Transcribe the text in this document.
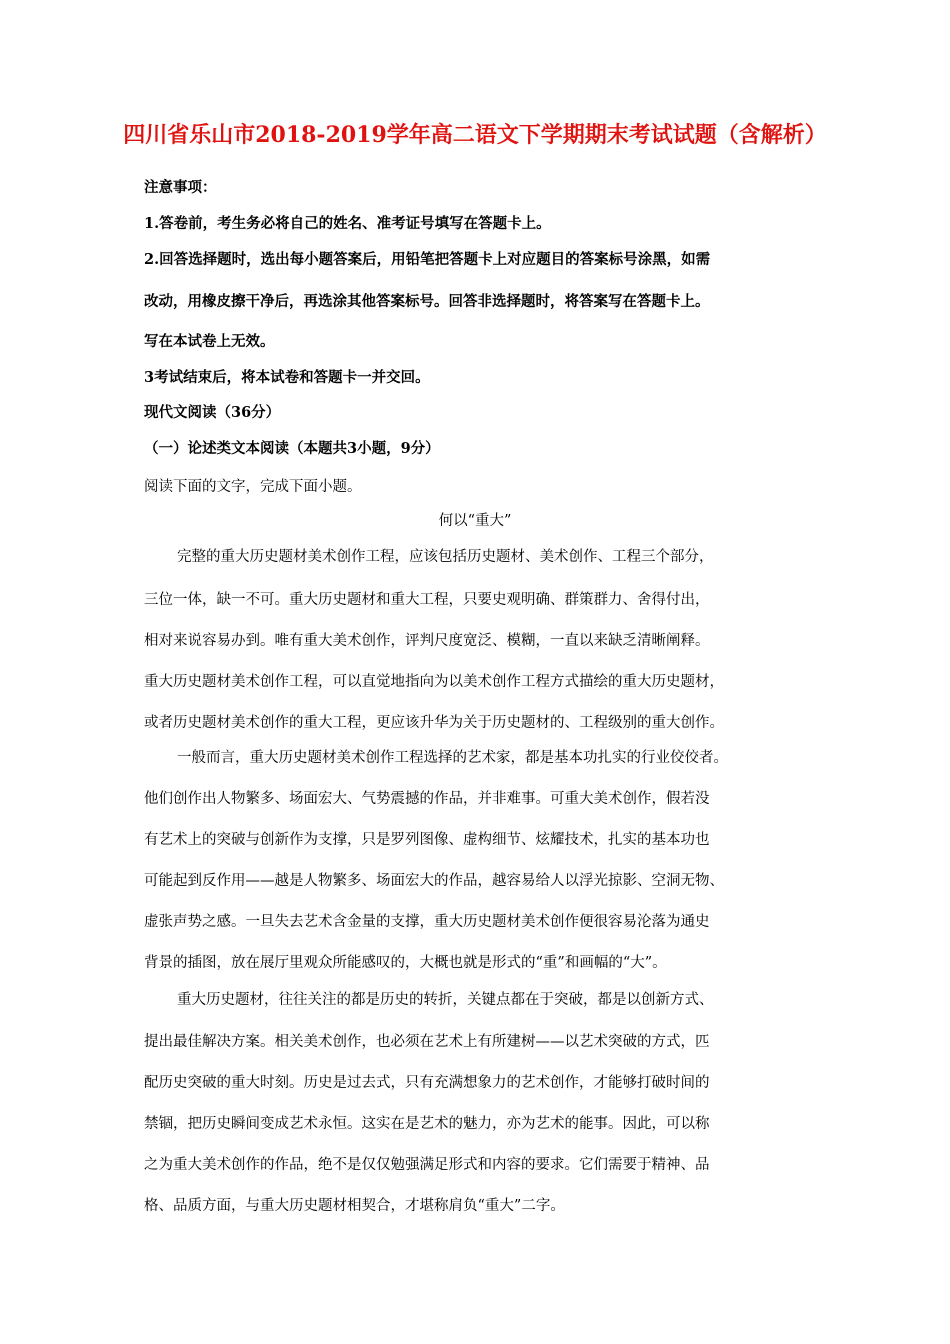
四川省乐山市2018-2019学年高二语文下学期期末考试试题（含解析）
注意事项：
1.答卷前，考生务必将自己的姓名、准考证号填写在答题卡上。
2.回答选择题时，选出每小题答案后，用铅笔把答题卡上对应题目的答案标号涂黑，如需
改动，用橡皮擦干净后，再选涂其他答案标号。回答非选择题时，将答案写在答题卡上。
写在本试卷上无效。
3考试结束后，将本试卷和答题卡一并交回。
现代文阅读（36分）
（一）论述类文本阅读（本题共3小题，9分）
阅读下面的文字，完成下面小题。
何以“重大”
完整的重大历史题材美术创作工程，应该包括历史题材、美术创作、工程三个部分，
三位一体，缺一不可。重大历史题材和重大工程，只要史观明确、群策群力、舍得付出，
相对来说容易办到。唯有重大美术创作，评判尺度宽泛、模糊，一直以来缺乏清晰阐释。
重大历史题材美术创作工程，可以直觉地指向为以美术创作工程方式描绘的重大历史题材，
或者历史题材美术创作的重大工程，更应该升华为关于历史题材的、工程级别的重大创作。
一般而言，重大历史题材美术创作工程选择的艺术家，都是基本功扎实的行业佼佼者。
他们创作出人物繁多、场面宏大、气势震撼的作品，并非难事。可重大美术创作，假若没
有艺术上的突破与创新作为支撑，只是罗列图像、虚构细节、炫耀技术，扎实的基本功也
可能起到反作用——越是人物繁多、场面宏大的作品，越容易给人以浮光掠影、空洞无物、
虚张声势之感。一旦失去艺术含金量的支撑，重大历史题材美术创作便很容易沦落为通史
背景的插图，放在展厅里观众所能感叹的，大概也就是形式的“重”和画幅的“大”。
重大历史题材，往往关注的都是历史的转折，关键点都在于突破，都是以创新方式、
提出最佳解决方案。相关美术创作，也必须在艺术上有所建树——以艺术突破的方式，匹
配历史突破的重大时刻。历史是过去式，只有充满想象力的艺术创作，才能够打破时间的
禁锢，把历史瞬间变成艺术永恒。这实在是艺术的魅力，亦为艺术的能事。因此，可以称
之为重大美术创作的作品，绝不是仅仅勉强满足形式和内容的要求。它们需要于精神、品
格、品质方面，与重大历史题材相契合，才堪称肩负“重大”二字。
